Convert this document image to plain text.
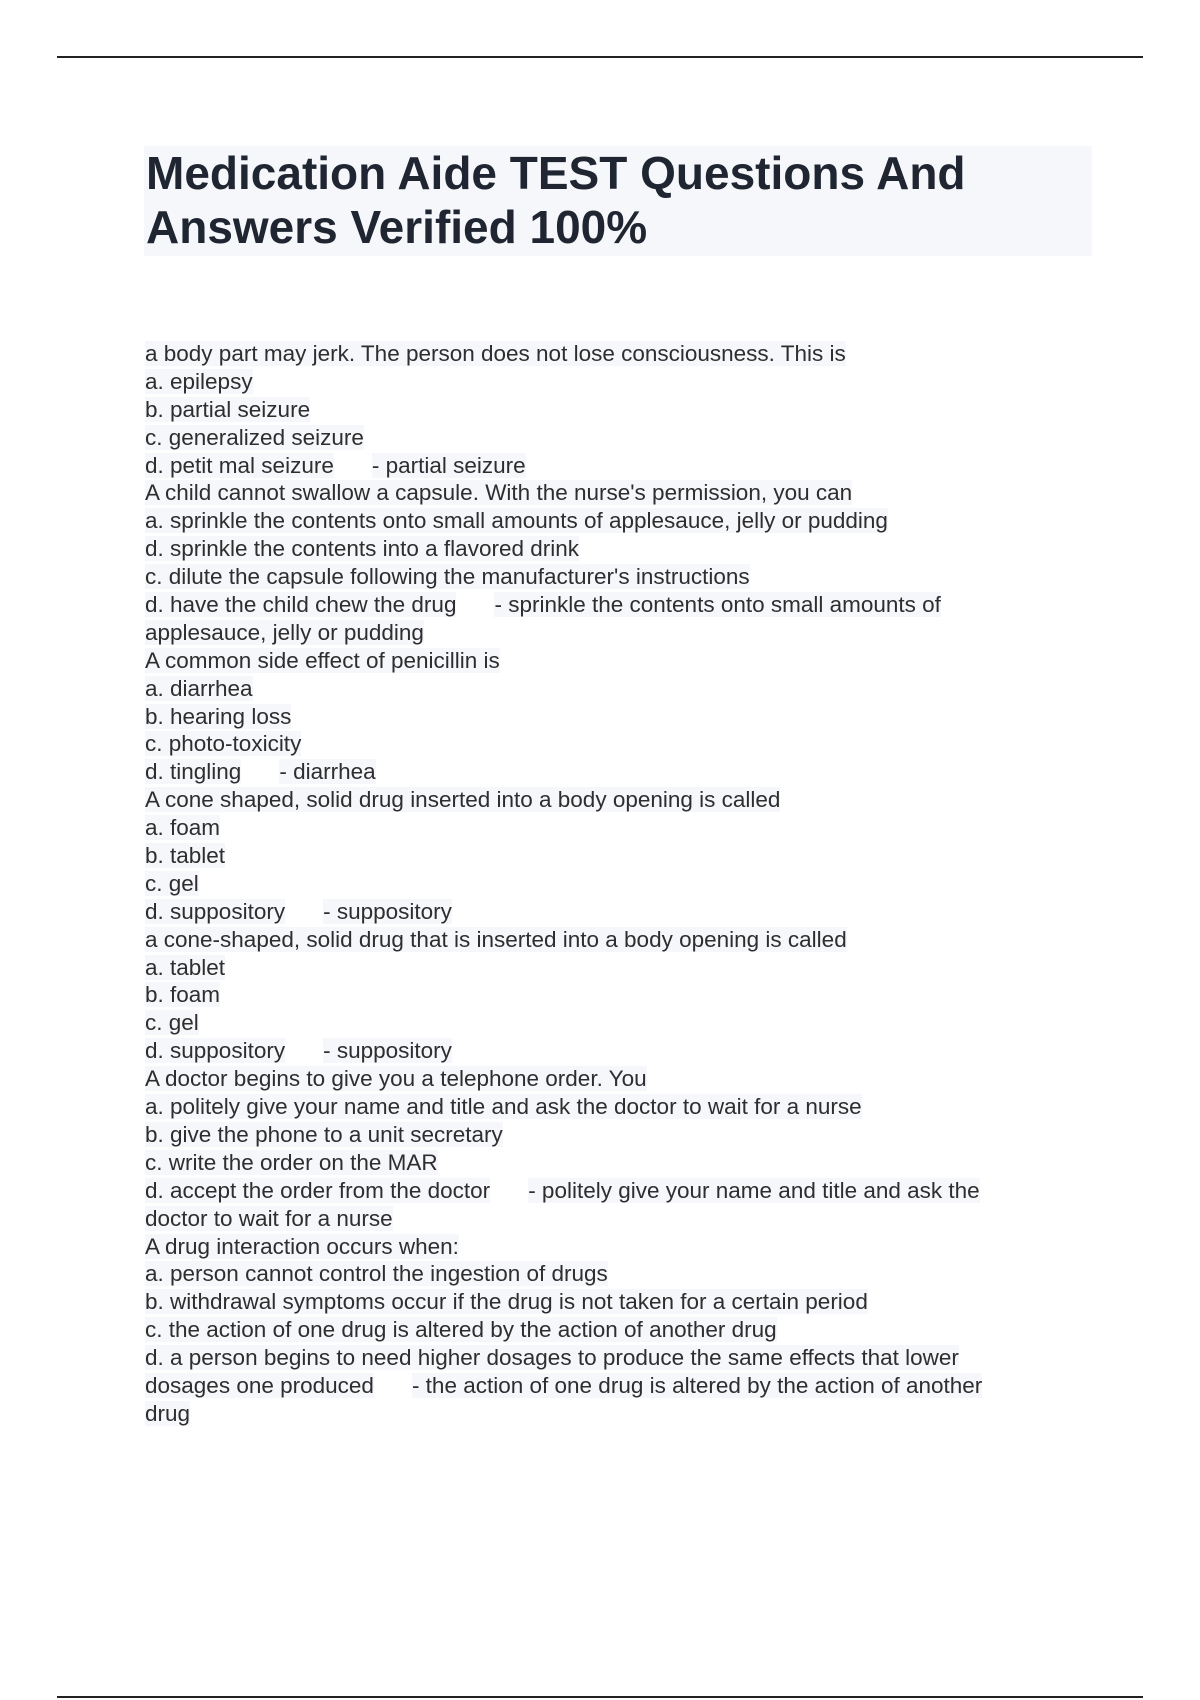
Medication Aide TEST Questions And
Answers Verified 100%
a body part may jerk. The person does not lose consciousness. This is
a. epilepsy
b. partial seizure
c. generalized seizure
d. petit mal seizure - partial seizure
A child cannot swallow a capsule. With the nurse's permission, you can
a. sprinkle the contents onto small amounts of applesauce, jelly or pudding
d. sprinkle the contents into a flavored drink
c. dilute the capsule following the manufacturer's instructions
d. have the child chew the drug - sprinkle the contents onto small amounts of
applesauce, jelly or pudding
A common side effect of penicillin is
a. diarrhea
b. hearing loss
c. photo-toxicity
d. tingling - diarrhea
A cone shaped, solid drug inserted into a body opening is called
a. foam
b. tablet
c. gel
d. suppository - suppository
a cone-shaped, solid drug that is inserted into a body opening is called
a. tablet
b. foam
c. gel
d. suppository - suppository
A doctor begins to give you a telephone order. You
a. politely give your name and title and ask the doctor to wait for a nurse
b. give the phone to a unit secretary
c. write the order on the MAR
d. accept the order from the doctor - politely give your name and title and ask the
doctor to wait for a nurse
A drug interaction occurs when:
a. person cannot control the ingestion of drugs
b. withdrawal symptoms occur if the drug is not taken for a certain period
c. the action of one drug is altered by the action of another drug
d. a person begins to need higher dosages to produce the same effects that lower
dosages one produced - the action of one drug is altered by the action of another
drug
